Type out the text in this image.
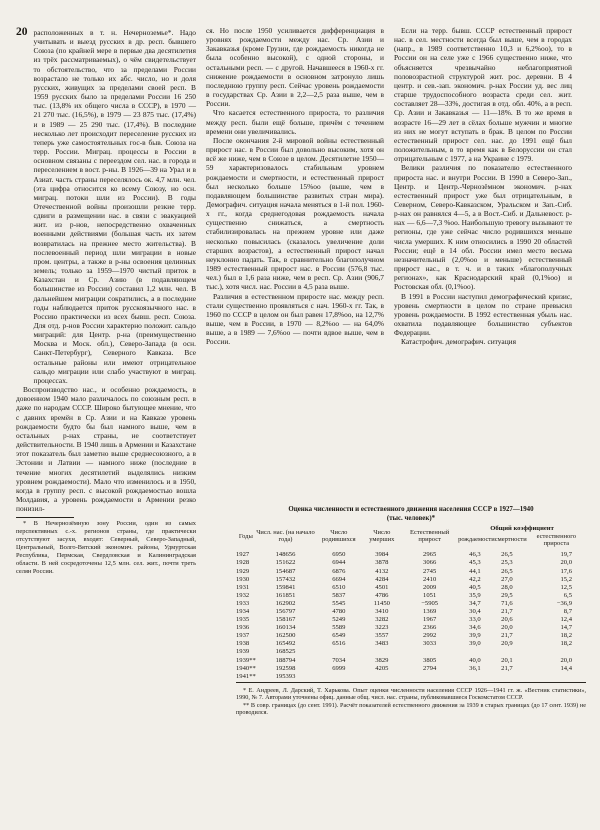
20 расположенных в т. н. Нечерноземье*. Надо учитывать и выезд русских в др. респ. бывшего Союза (по крайней мере в первые два десятилетия из трёх рассматриваемых), о чём свидетельствует то обстоятельство, что за пределами России возрастало не только их абс. число, но и доля русских, живущих за пределами своей респ. В 1959 русских было за пределами России 16 250 тыс. (13,8% их общего числа в СССР), в 1970 — 21 270 тыс. (16,5%), в 1979 — 23 875 тыс. (17,4%) и в 1989 — 25 290 тыс. (17,4%). В последние несколько лет происходит переселение русских из теперь уже самостоятельных гос-в быв. Союза на терр. России. Миграц. процессы в России в основном связаны с переездом сел. нас. в города и переселением в вост. р-ны. В 1926—39 на Урал и в Азиат. часть страны переселялось ок. 4,7 млн. чел. (эта цифра относится ко всему Союзу, но осн. миграц. потоки шли из России). В годы Отечественной войны произошли резкие терр. сдвиги в размещении нас. в связи с эвакуацией жит. из р-нов, непосредственно охваченных военными действиями (большая часть их затем возвратилась на прежнее место жительства). В послевоенный период шли миграции в новые пром. центры, а также в р-ны освоения целинных земель; только за 1959—1970 чистый приток в Казахстан и Ср. Азию (в подавляющем большинстве из России) составил 1,2 млн. чел. В дальнейшем миграции сократились, а в последние годы наблюдается приток русскоязычного нас. в Россию практически из всех бывш. респ. Союза. Для отд. р-нов России характерно положит. сальдо миграций: для Центр. р-на (преимущественно Москва и Моск. обл.), Северо-Запада (в осн. Санкт-Петербург), Северного Кавказа. Все остальные районы или имеют отрицательное сальдо миграции или слабо участвуют в миграц. процессах.

Воспроизводство нас., и особенно рождаемость, в довоенном 1940 мало различалось по союзным респ. в даже по народам СССР. Широко бытующее мнение, что с давних времён в Ср. Азии и на Кавказе уровень рождаемости будто бы был намного выше, чем в остальных р-нах страны, не соответствует действительности. В 1940 лишь в Армении и Казахстане этот показатель был заметно выше среднесоюзного, а в Эстонии и Латвии — намного ниже (последние в течение многих десятилетий выделялись низким уровнем рождаемости). Мало что изменилось и в 1950, когда в группу респ. с высокой рождаемостью вошла Молдавия, а уровень рождаемости в Армении резко понизил-

* В Нечернозёмную зону России, один из самых перспективных с.-х. регионов страны, где практически отсутствуют засухи, входят: Северный, Северо-Западный, Центральный, Волго-Вятский экономич. районы, Удмуртская Республика, Пермская, Свердловская и Калининградская области. В ней сосредоточены 12,5 млн. сел. жит., почти треть селян России.

ся. Но после 1950 усиливается дифференциация в уровнях рождаемости между нас. Ср. Азии и Закавказья (кроме Грузии, где рождаемость никогда не была особенно высокой), с одной стороны, и остальными респ. — с другой. Начавшееся в 1960-х гг. снижение рождаемости в основном затронуло лишь последнюю группу респ. Сейчас уровень рождаемости в государствах Ср. Азии в 2,2—2,5 раза выше, чем в России.

Что касается естественного прироста, то различия между респ. были ещё больше, причём с течением времени они увеличивались.

После окончания 2-й мировой войны естественный прирост нас. в России был довольно высоким, хотя он всё же ниже, чем в Союзе в целом. Десятилетие 1950—59 характеризовалось стабильным уровнем рождаемости и смертности, и естественный прирост был несколько больше 15%оо (выше, чем в подавляющем большинстве развитых стран мира). Демографич. ситуация начала меняться в 1-й пол. 1960-х гг., когда среднегодовая рождаемость начала существенно снижаться, а смертность стабилизировалась на прежнем уровне или даже несколько повысилась (сказалось увеличение доли старших возрастов), а естественный прирост начал неуклонно падать. Так, в сравнительно благополучном 1989 естественный прирост нас. в России (576,8 тыс. чел.) был в 1,6 раза ниже, чем в респ. Ср. Азии (906,7 тыс.), хотя числ. нас. России в 4,5 раза выше.

Различия в естественном приросте нас. между респ. стали существенно проявляться с нач. 1960-х гг. Так, в 1960 по СССР в целом он был равен 17,8%оо, на 12,7% выше, чем в России, в 1970 — 8,2%оо — на 64,0% выше, а в 1989 — 7,6%оо — почти вдвое выше, чем в России.

Если на терр. бывш. СССР естественный прирост нас. в сел. местности всегда был выше, чем в городах (напр., в 1989 соответственно 10,3 и 6,2%оо), то в России он на селе уже с 1966 существенно ниже, что объясняется чрезвычайно неблагоприятной половозрастной структурой жит. рос. деревни. В 4 центр. и сев.-зап. экономич. р-нах России уд. вес лиц старше трудоспособного возраста среди сел. жит. составляет 28—33%, достигая в отд. обл. 40%, а в респ. Ср. Азии и Закавказья — 11—18%. В то же время в возрасте 16—29 лет в сёлах больше мужчин и многие из них не могут вступать в брак. В целом по России естественный прирост сел. нас. до 1991 ещё был положительным, в то время как в Белоруссии он стал отрицательным с 1977, а на Украине с 1979.

Велики различия по показателю естественного прироста нас. и внутри России. В 1990 в Северо-Зап., Центр. и Центр.-Чернозёмном экономич. р-нах естественный прирост уже был отрицательным, в Северном, Северо-Кавказском, Уральском и Зап.-Сиб. р-нах он равнялся 4—5, а в Вост.-Сиб. и Дальневост. р-нах — 6,6—7,3 %оо. Наибольшую тревогу вызывают те регионы, где уже сейчас число родившихся меньше числа умерших. К ним относились в 1990 20 областей России; ещё в 14 обл. России имел место весьма незначительный (2,0%оо и меньше) естественный прирост нас., в т. ч. и в таких «благополучных регионах», как Краснодарский край (0,1%оо) и Ростовская обл. (0,1%оо).

В 1991 в России наступил демографический кризис, уровень смертности в целом по стране превысил уровень рождаемости. В 1992 естественная убыль нас. охватила подавляющее большинство субъектов Федерации.

Катастрофич. демографич. ситуация

Оценка численности и естественного движения населения СССР в 1927—1940
(тыс. человек)*
Годы	Числ. нас. (на начало года)	Число родившихся	Число умерших	Естественный прирост	Общий коэффициент		
					рождаемости	смертности	естественного прироста

1927	148656	6950	3984	2965	46,3	26,5	19,7
1928	151622	6944	3878	3066	45,3	25,3	20,0
1929	154687	6876	4132	2745	44,1	26,5	17,6
1930	157432	6694	4284	2410	42,2	27,0	15,2
1931	159841	6510	4501	2009	40,5	28,0	12,5
1932	161851	5837	4786	1051	35,9	29,5	6,5
1933	162902	5545	11450	−5905	34,7	71,6	−36,9
1934	156797	4780	3410	1369	30,4	21,7	8,7
1935	158167	5249	3282	1967	33,0	20,6	12,4
1936	160134	5589	3223	2366	34,6	20,0	14,7
1937	162500	6549	3557	2992	39,9	21,7	18,2
1938	165492	6516	3483	3033	39,0	20,9	18,2
1939	168525						
1939**	188794	7034	3829	3805	40,0	20,1	20,0
1940**	192598	6999	4205	2794	36,1	21,7	14,4
1941**	195393						

* Е. Андреев, Л. Дарский, Т. Харькова. Опыт оценки численности населения СССР 1926—1941 гг. ж. «Вестник статистики», 1990, № 7. Авторами уточнены офиц. данные общ. числ. нас. страны, публиковавшиеся Госкомстатом СССР.

** В совр. границах (до сент. 1991). Расчёт показателей естественного движения за 1939 в старых границах (до 17 сент. 1939) не проводился.
